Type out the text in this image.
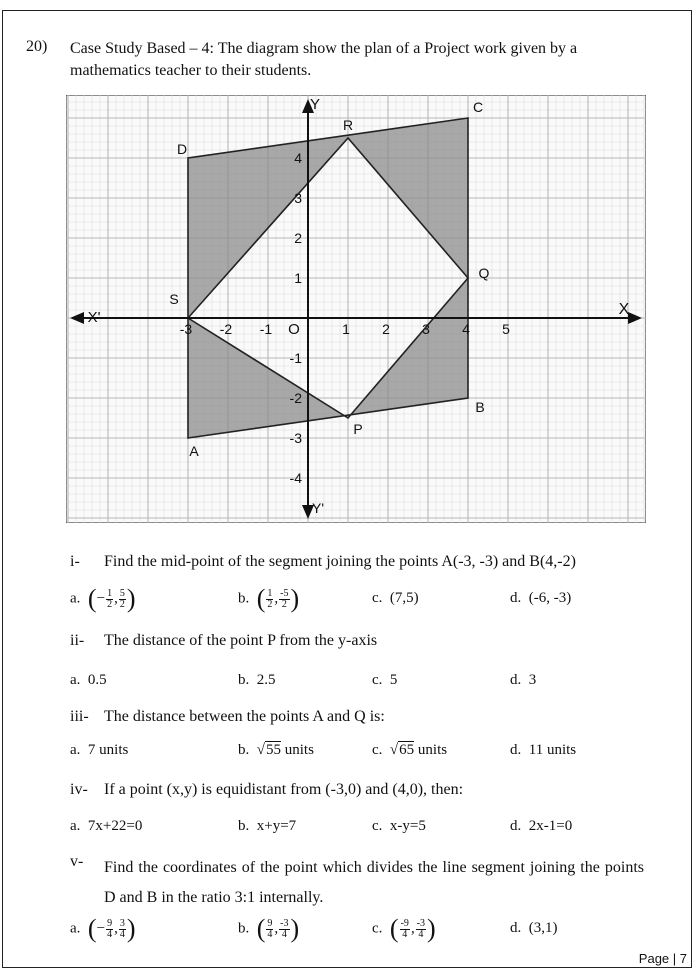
20) Case Study Based – 4: The diagram show the plan of a Project work given by a mathematics teacher to their students.
X
X'
Y
Y'
O
-3 -2 -1	1 2 3 4 5
4
3
2
1
-1
-2
-3
-4
A
B
C
D
P
Q
R
S
i- Find the mid-point of the segment joining the points A(-3, -3) and B(4,-2)
a.  (− $\frac{1}{2}$ , $\frac{5}{2}$ )	b.  ( $\frac{1}{2}$ , $\frac{-5}{2}$ )	c.  (7,5)	d.  (-6, -3)
ii- The distance of the point P from the y-axis
a.  0.5	b.  2.5	c.  5	d.  3
iii- The distance between the points A and Q is:
a.  7 units	b.  √55 units	c.  √65 units	d.  11 units
iv- If a point (x,y) is equidistant from (-3,0) and (4,0), then:
a.  7x+22=0	b.  x+y=7	c.  x-y=5	d.  2x-1=0
v- Find the coordinates of the point which divides the line segment joining the points D and B in the ratio 3:1 internally.
a.  (− $\frac{9}{4}$ , $\frac{3}{4}$ )	b.  ( $\frac{9}{4}$ , $\frac{-3}{4}$ )	c.  ( $\frac{-9}{4}$ , $\frac{-3}{4}$ )	d.  (3,1)
Page | 7
